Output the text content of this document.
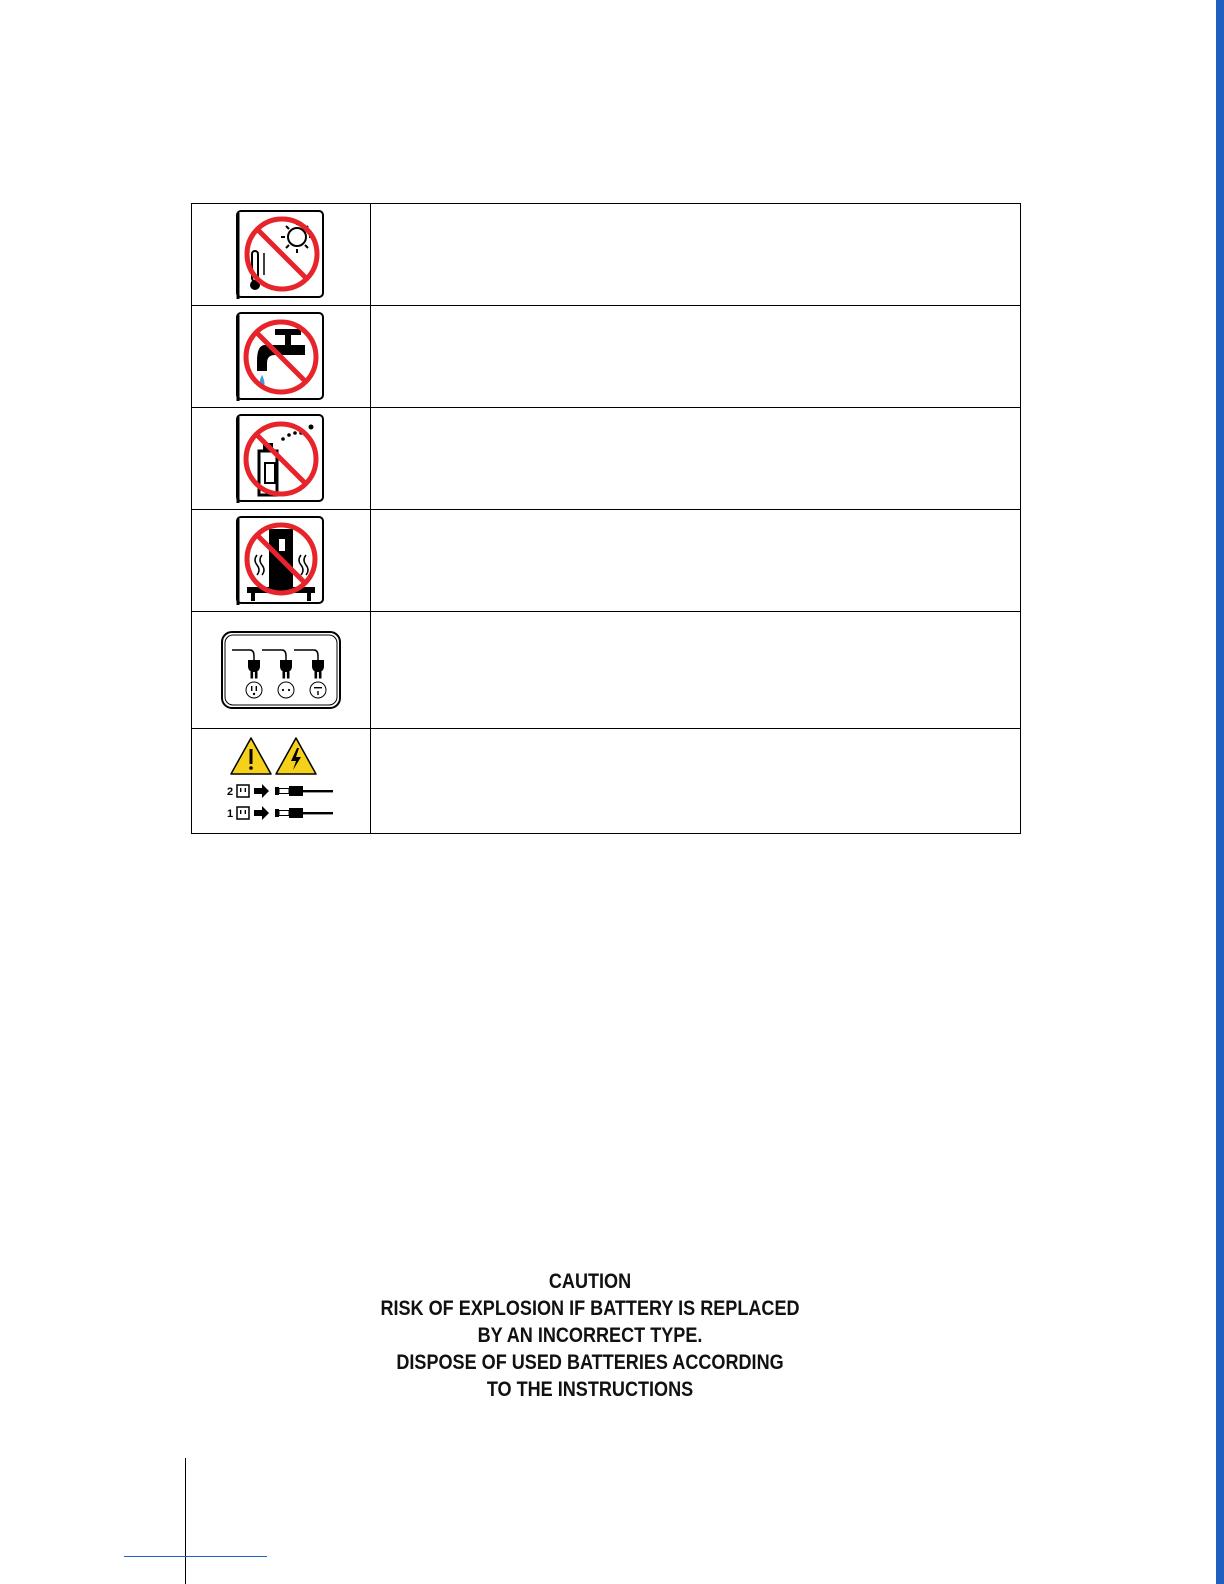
2
1	

CAUTION
RISK OF EXPLOSION IF BATTERY IS REPLACED
BY AN INCORRECT TYPE.
DISPOSE OF USED BATTERIES ACCORDING
TO THE INSTRUCTIONS
